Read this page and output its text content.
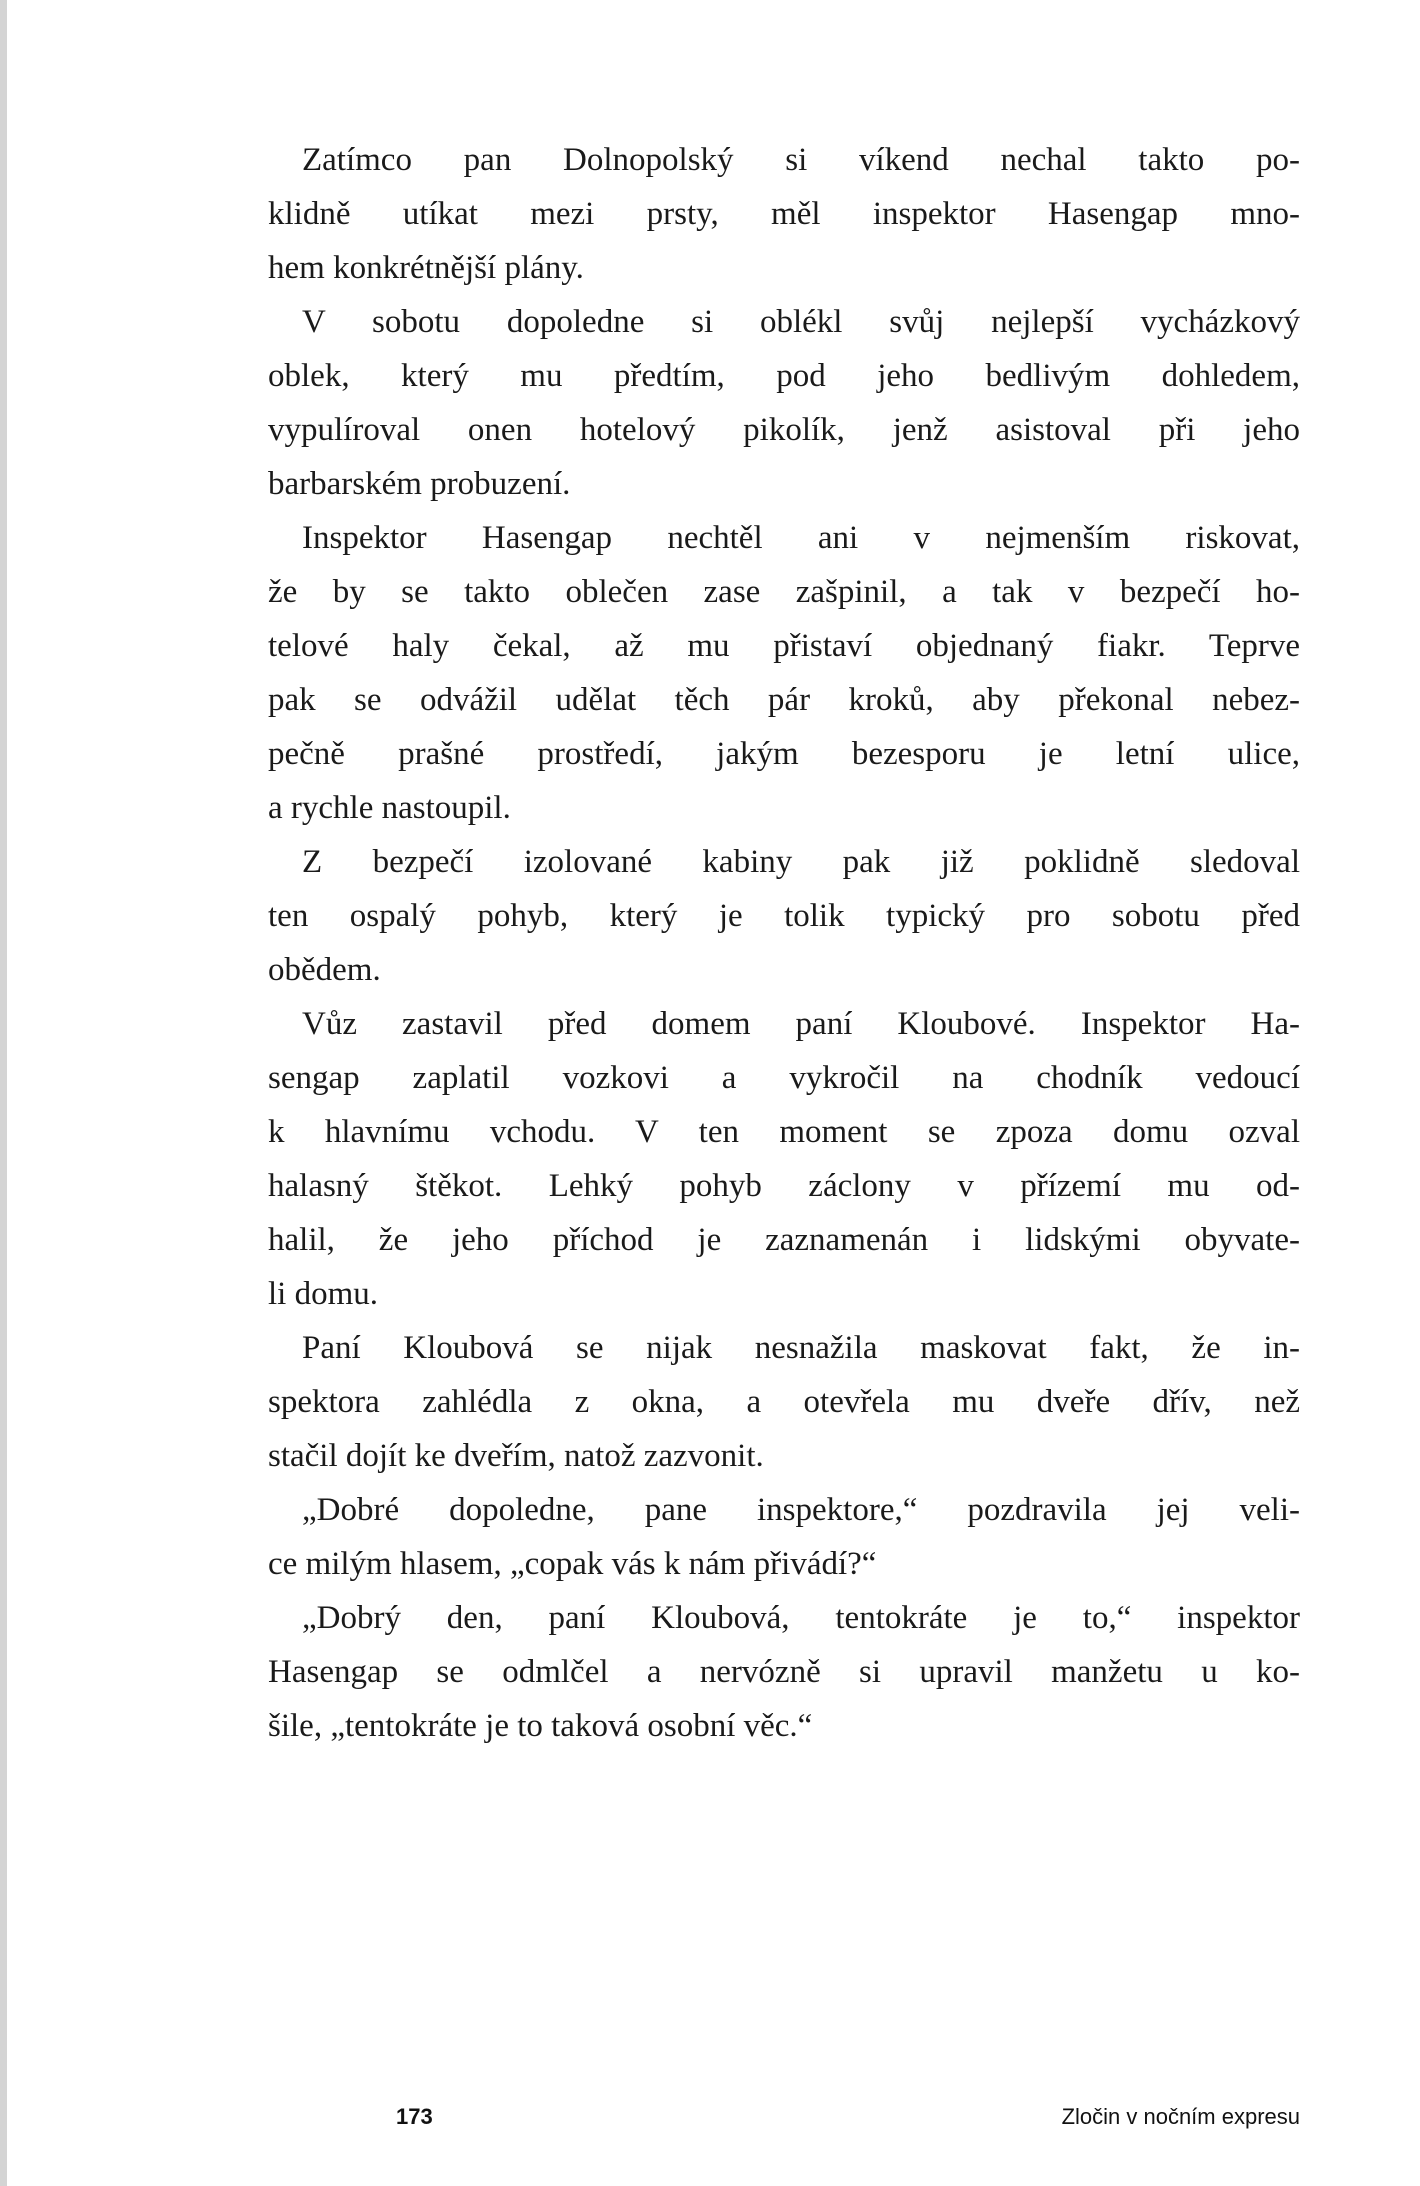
Zatímco pan Dolnopolský si víkend nechal takto po-
klidně utíkat mezi prsty, měl inspektor Hasengap mno-
hem konkrétnější plány.
V sobotu dopoledne si oblékl svůj nejlepší vycházkový
oblek, který mu předtím, pod jeho bedlivým dohledem,
vypulíroval onen hotelový pikolík, jenž asistoval při jeho
barbarském probuzení.
Inspektor Hasengap nechtěl ani v nejmenším riskovat,
že by se takto oblečen zase zašpinil, a tak v bezpečí ho-
telové haly čekal, až mu přistaví objednaný fiakr. Teprve
pak se odvážil udělat těch pár kroků, aby překonal nebez-
pečně prašné prostředí, jakým bezesporu je letní ulice,
a rychle nastoupil.
Z bezpečí izolované kabiny pak již poklidně sledoval
ten ospalý pohyb, který je tolik typický pro sobotu před
obědem.
Vůz zastavil před domem paní Kloubové. Inspektor Ha-
sengap zaplatil vozkovi a vykročil na chodník vedoucí
k hlavnímu vchodu. V ten moment se zpoza domu ozval
halasný štěkot. Lehký pohyb záclony v přízemí mu od-
halil, že jeho příchod je zaznamenán i lidskými obyvate-
li domu.
Paní Kloubová se nijak nesnažila maskovat fakt, že in-
spektora zahlédla z okna, a otevřela mu dveře dřív, než
stačil dojít ke dveřím, natož zazvonit.
„Dobré dopoledne, pane inspektore,“ pozdravila jej veli-
ce milým hlasem, „copak vás k nám přivádí?“
„Dobrý den, paní Kloubová, tentokráte je to,“ inspektor
Hasengap se odmlčel a nervózně si upravil manžetu u ko-
šile, „tentokráte je to taková osobní věc.“
173	Zločin v nočním expresu
